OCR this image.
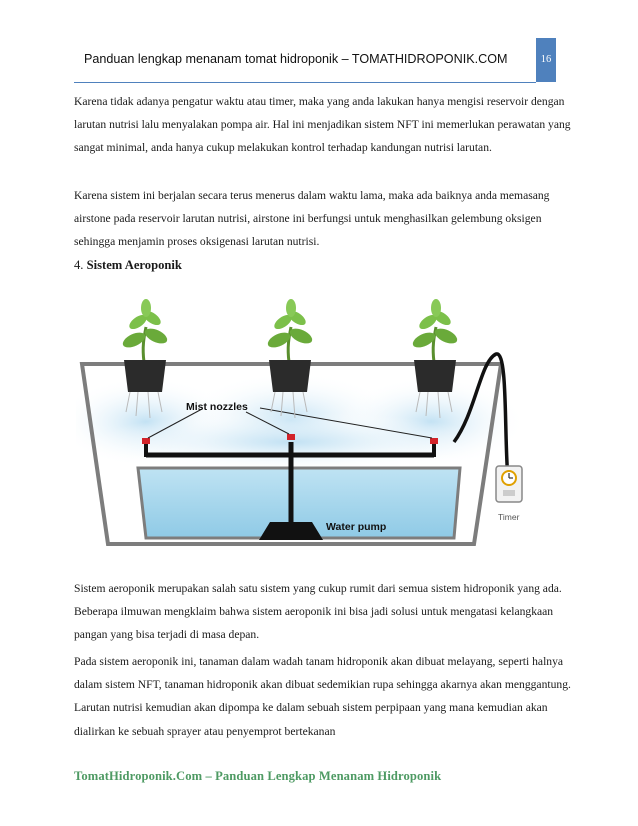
Panduan lengkap menanam tomat hidroponik – TOMATHIDROPONIK.COM	16
Karena tidak adanya pengatur waktu atau timer, maka yang anda lakukan hanya mengisi reservoir dengan larutan nutrisi lalu menyalakan pompa air. Hal ini menjadikan sistem NFT ini memerlukan perawatan yang sangat minimal, anda hanya cukup melakukan kontrol terhadap kandungan nutrisi larutan.
Karena sistem ini berjalan secara terus menerus dalam waktu lama, maka ada baiknya anda memasang airstone pada reservoir larutan nutrisi, airstone ini berfungsi untuk menghasilkan gelembung oksigen sehingga menjamin proses oksigenasi larutan nutrisi.
4. Sistem Aeroponik
Mist nozzles
Water pump
Timer
Sistem aeroponik merupakan salah satu sistem yang cukup rumit dari semua sistem hidroponik yang ada. Beberapa ilmuwan mengklaim bahwa sistem aeroponik ini bisa jadi solusi untuk mengatasi kelangkaan pangan yang bisa terjadi di masa depan.
Pada sistem aeroponik ini, tanaman dalam wadah tanam hidroponik akan dibuat melayang, seperti halnya dalam sistem NFT, tanaman hidroponik akan dibuat sedemikian rupa sehingga akarnya akan menggantung. Larutan nutrisi kemudian akan dipompa ke dalam sebuah sistem perpipaan yang mana kemudian akan dialirkan ke sebuah sprayer atau penyemprot bertekanan
TomatHidroponik.Com – Panduan Lengkap Menanam Hidroponik
